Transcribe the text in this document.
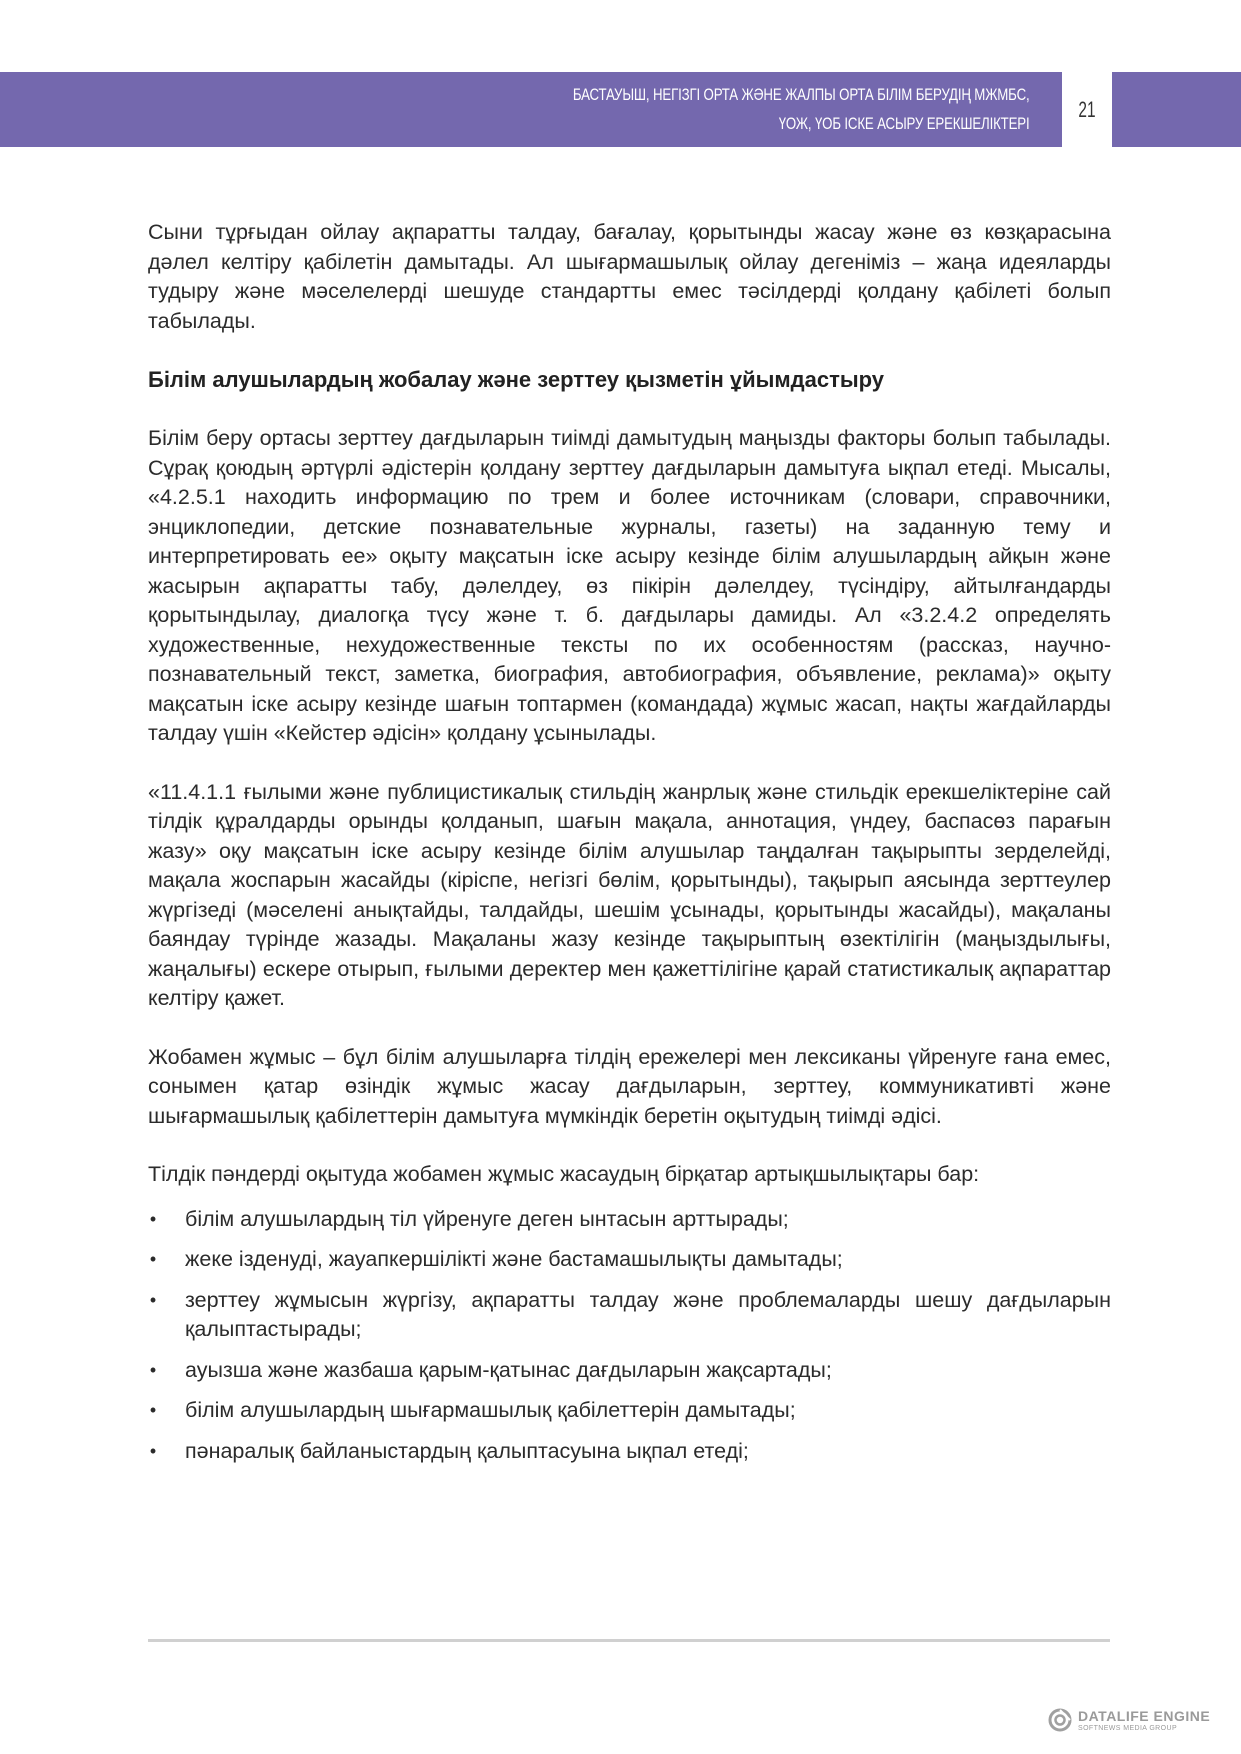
БАСТАУЫШ, НЕГІЗГІ ОРТА ЖӘНЕ ЖАЛПЫ ОРТА БІЛІМ БЕРУДІҢ МЖМБС,
ҮОЖ, ҮОБ ІСКЕ АСЫРУ ЕРЕКШЕЛІКТЕРІ
21

Сыни тұрғыдан ойлау ақпаратты талдау, бағалау, қорытынды жасау және өз көзқарасына дәлел келтіру қабілетін дамытады. Ал шығармашылық ойлау дегеніміз – жаңа идеяларды тудыру және мәселелерді шешуде стандартты емес тәсілдерді қолдану қабілеті болып табылады.

Білім алушылардың жобалау және зерттеу қызметін ұйымдастыру

Білім беру ортасы зерттеу дағдыларын тиімді дамытудың маңызды факторы болып табылады. Сұрақ қоюдың әртүрлі әдістерін қолдану зерттеу дағдыларын дамытуға ықпал етеді. Мысалы, «4.2.5.1 находить информацию по трем и более источникам (словари, справочники, энциклопедии, детские познавательные журналы, газеты) на заданную тему и интерпретировать ее» оқыту мақсатын іске асыру кезінде білім алушылардың айқын және жасырын ақпаратты табу, дәлелдеу, өз пікірін дәлелдеу, түсіндіру, айтылғандарды қорытындылау, диалогқа түсу және т. б. дағдылары дамиды. Ал «3.2.4.2 определять художественные, нехудожественные тексты по их особенностям (рассказ, научно-познавательный текст, заметка, биография, автобиография, объявление, реклама)» оқыту мақсатын іске асыру кезінде шағын топтармен (командада) жұмыс жасап, нақты жағдайларды талдау үшін «Кейстер әдісін» қолдану ұсынылады.

«11.4.1.1 ғылыми және публицистикалық стильдің жанрлық және стильдік ерекшеліктеріне сай тілдік құралдарды орынды қолданып, шағын мақала, аннотация, үндеу, баспасөз парағын жазу» оқу мақсатын іске асыру кезінде білім алушылар таңдалған тақырыпты зерделейді, мақала жоспарын жасайды (кіріспе, негізгі бөлім, қорытынды), тақырып аясында зерттеулер жүргізеді (мәселені анықтайды, талдайды, шешім ұсынады, қорытынды жасайды), мақаланы баяндау түрінде жазады. Мақаланы жазу кезінде тақырыптың өзектілігін (маңыздылығы, жаңалығы) ескере отырып, ғылыми деректер мен қажеттілігіне қарай статистикалық ақпараттар келтіру қажет.

Жобамен жұмыс – бұл білім алушыларға тілдің ережелері мен лексиканы үйренуге ғана емес, сонымен қатар өзіндік жұмыс жасау дағдыларын, зерттеу, коммуникативті және шығармашылық қабілеттерін дамытуға мүмкіндік беретін оқытудың тиімді әдісі.

Тілдік пәндерді оқытуда жобамен жұмыс жасаудың бірқатар артықшылықтары бар:

• білім алушылардың тіл үйренуге деген ынтасын арттырады;
• жеке ізденуді, жауапкершілікті және бастамашылықты дамытады;
• зерттеу жұмысын жүргізу, ақпаратты талдау және проблемаларды шешу дағдыларын қалыптастырады;
• ауызша және жазбаша қарым-қатынас дағдыларын жақсартады;
• білім алушылардың шығармашылық қабілеттерін дамытады;
• пәнаралық байланыстардың қалыптасуына ықпал етеді;
DATALIFE ENGINE
SOFTNEWS MEDIA GROUP
